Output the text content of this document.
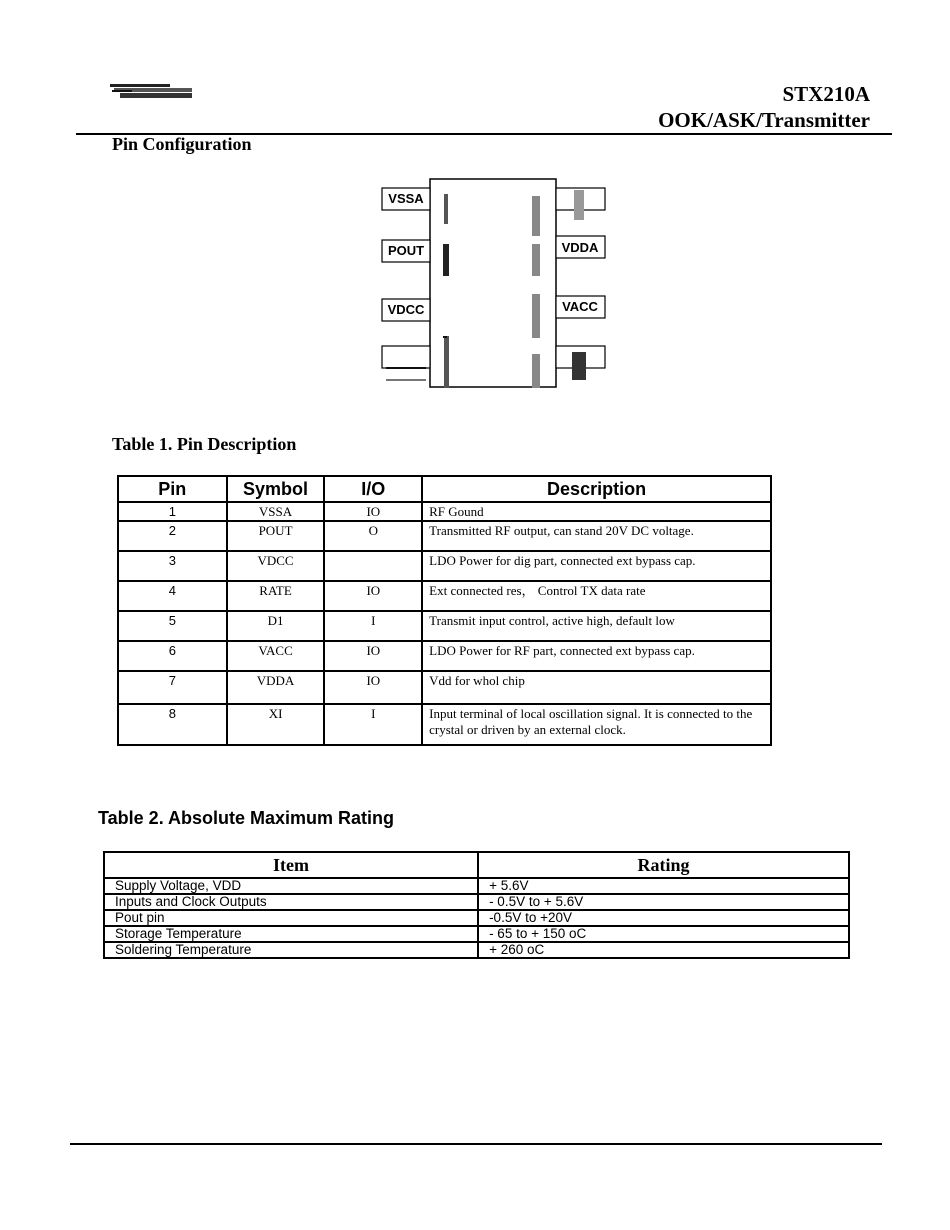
STX210A
OOK/ASK/Transmitter
Pin Configuration
VSSA
POUT
VDCC
VDDA
VACC
Table 1. Pin Description
Pin	Symbol	I/O	Description
1	VSSA	IO	RF Gound
2	POUT	O	Transmitted RF output, can stand 20V DC voltage.
3	VDCC		LDO Power for dig part, connected ext bypass cap.
4	RATE	IO	Ext connected res， Control TX data rate
5	D1	I	Transmit input control, active high, default low
6	VACC	IO	LDO Power for RF part, connected ext bypass cap.
7	VDDA	IO	Vdd for whol chip
8	XI	I	Input terminal of local oscillation signal. It is connected to the crystal or driven by an external clock.
Table 2. Absolute Maximum Rating
Item	Rating
Supply Voltage, VDD	+ 5.6V
Inputs and Clock Outputs	- 0.5V to + 5.6V
Pout pin	-0.5V to +20V
Storage Temperature	- 65 to + 150 oC
Soldering Temperature	+ 260 oC
